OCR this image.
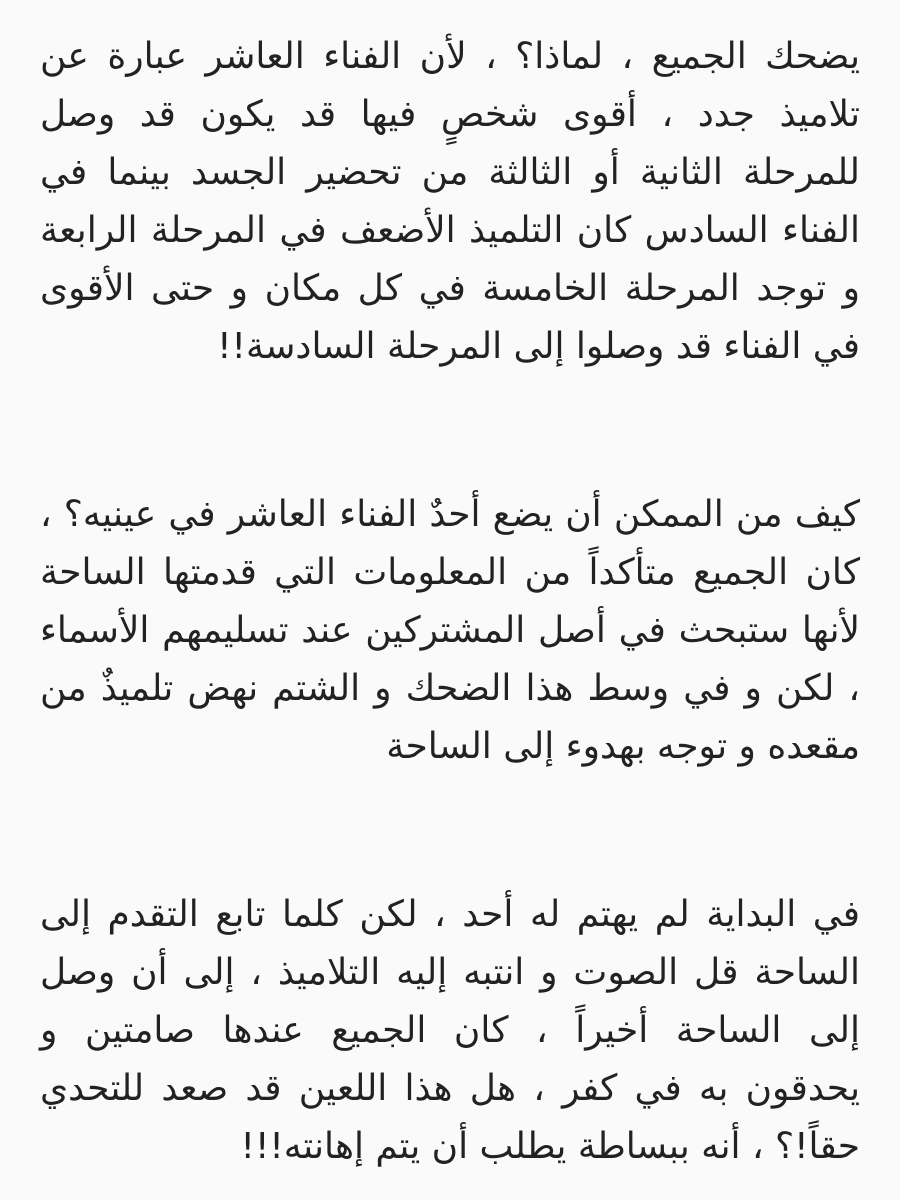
يضحك الجميع ، لماذا؟ ، لأن الفناء العاشر عبارة عن
تلاميذ جدد ، أقوى شخصٍ فيها قد يكون قد وصل
للمرحلة الثانية أو الثالثة من تحضير الجسد بينما في
الفناء السادس كان التلميذ الأضعف في المرحلة الرابعة
و توجد المرحلة الخامسة في كل مكان و حتى الأقوى
في الفناء قد وصلوا إلى المرحلة السادسة!!

كيف من الممكن أن يضع أحدٌ الفناء العاشر في عينيه؟ ،
كان الجميع متأكداً من المعلومات التي قدمتها الساحة
لأنها ستبحث في أصل المشتركين عند تسليمهم الأسماء
، لكن و في وسط هذا الضحك و الشتم نهض تلميذٌ من
مقعده و توجه بهدوء إلى الساحة

في البداية لم يهتم له أحد ، لكن كلما تابع التقدم إلى
الساحة قل الصوت و انتبه إليه التلاميذ ، إلى أن وصل
إلى الساحة أخيراً ، كان الجميع عندها صامتين و
يحدقون به في كفر ، هل هذا اللعين قد صعد للتحدي
حقاً!؟ ، أنه ببساطة يطلب أن يتم إهانته!!!
